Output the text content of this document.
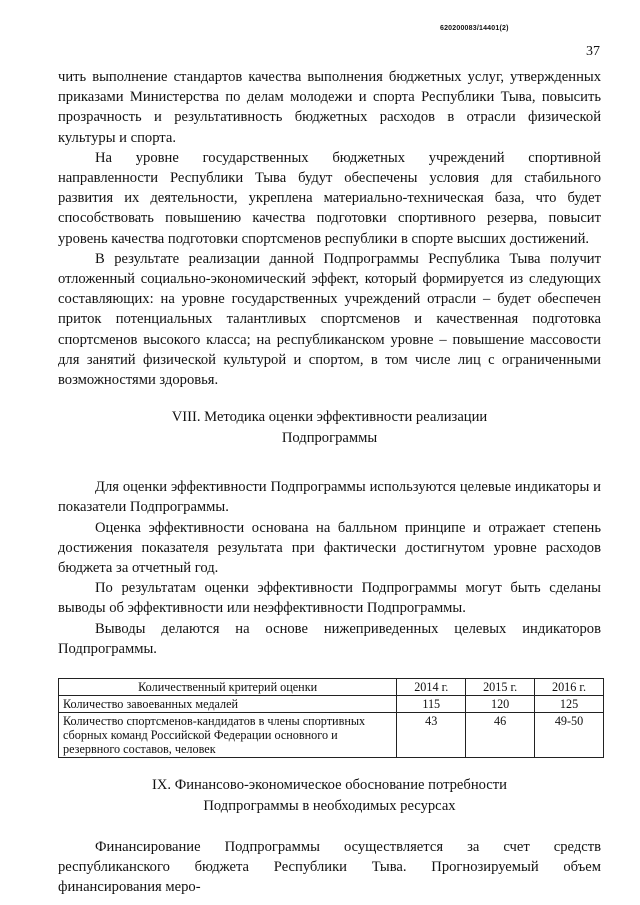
620200083/14401(2)
37

чить выполнение стандартов качества выполнения бюджетных услуг, утвержденных приказами Министерства по делам молодежи и спорта Республики Тыва, повысить прозрачность и результативность бюджетных расходов в отрасли физической культуры и спорта.

На уровне государственных бюджетных учреждений спортивной направленности Республики Тыва будут обеспечены условия для стабильного развития их деятельности, укреплена материально-техническая база, что будет способствовать повышению качества подготовки спортивного резерва, повысит уровень качества подготовки спортсменов республики в спорте высших достижений.

В результате реализации данной Подпрограммы Республика Тыва получит отложенный социально-экономический эффект, который формируется из следующих составляющих: на уровне государственных учреждений отрасли – будет обеспечен приток потенциальных талантливых спортсменов и качественная подготовка спортсменов высокого класса; на республиканском уровне – повышение массовости для занятий физической культурой и спортом, в том числе лиц с ограниченными возможностями здоровья.

VIII. Методика оценки эффективности реализации
Подпрограммы

Для оценки эффективности Подпрограммы используются целевые индикаторы и показатели Подпрограммы.

Оценка эффективности основана на балльном принципе и отражает степень достижения показателя результата при фактически достигнутом уровне расходов бюджета за отчетный год.

По результатам оценки эффективности Подпрограммы могут быть сделаны выводы об эффективности или неэффективности Подпрограммы.

Выводы делаются на основе нижеприведенных целевых индикаторов Подпрограммы.

Количественный критерий оценки	2014 г.	2015 г.	2016 г.
Количество завоеванных медалей	115	120	125
Количество спортсменов-кандидатов в члены спортивных сборных команд Российской Федерации основного и резервного составов, человек	43	46	49-50
IX. Финансово-экономическое обоснование потребности
Подпрограммы в необходимых ресурсах

Финансирование Подпрограммы осуществляется за счет средств республиканского бюджета Республики Тыва. Прогнозируемый объем финансирования меро-
